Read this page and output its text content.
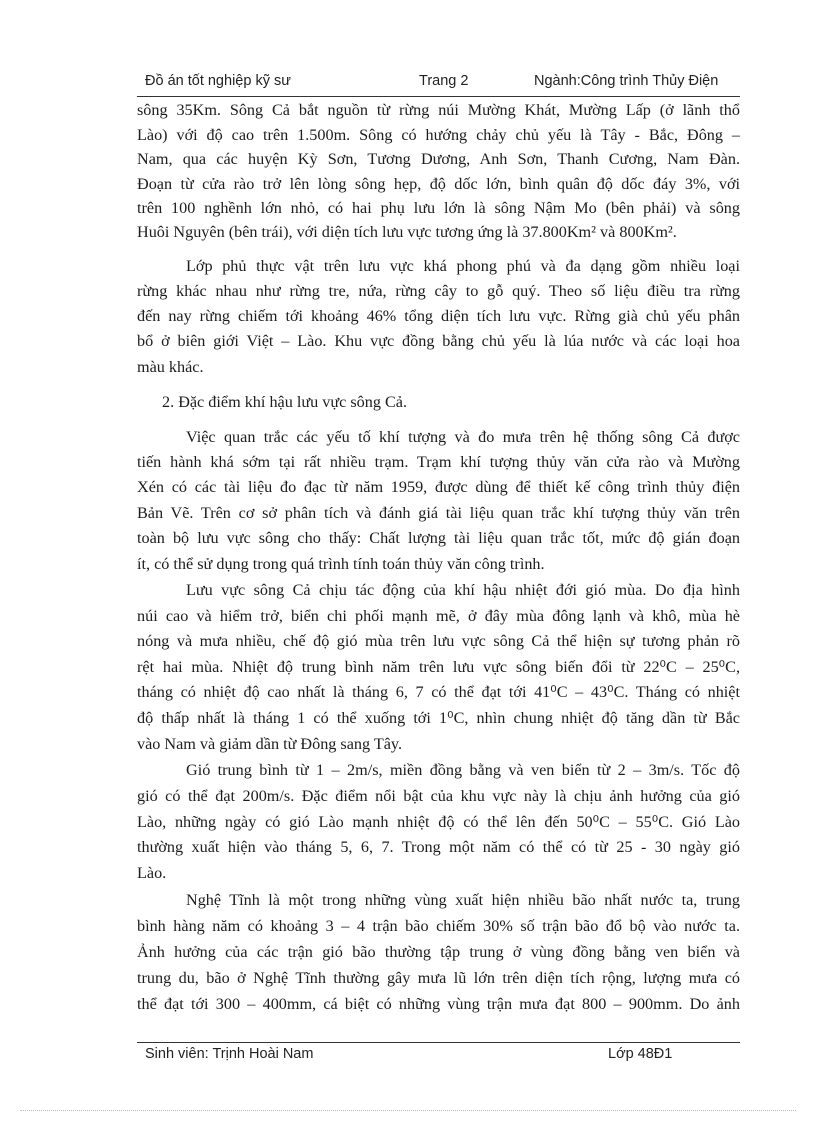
Đồ án tốt nghiệp kỹ sư	Trang 2	Ngành:Công trình Thủy Điện
sông 35Km. Sông Cả bắt nguồn từ rừng núi Mường Khát, Mường Lấp (ở lãnh thổ
Lào) với độ cao trên 1.500m. Sông có hướng chảy chủ yếu là Tây - Bắc, Đông –
Nam, qua các huyện Kỳ Sơn, Tương Dương, Anh Sơn, Thanh Cương, Nam Đàn.
Đoạn từ cửa rào trở lên lòng sông hẹp, độ dốc lớn, bình quân độ dốc đáy 3%, với
trên 100 nghềnh lớn nhỏ, có hai phụ lưu lớn là sông Nậm Mo (bên phải) và sông
Huôi Nguyên (bên trái), với diện tích lưu vực tương ứng là 37.800Km² và 800Km².
Lớp phủ thực vật trên lưu vực khá phong phú và đa dạng gồm nhiều loại
rừng khác nhau như rừng tre, nứa, rừng cây to gỗ quý. Theo số liệu điều tra rừng
đến nay rừng chiếm tới khoảng 46% tổng diện tích lưu vực. Rừng già chủ yếu phân
bổ ở biên giới Việt – Lào. Khu vực đồng bằng chủ yếu là lúa nước và các loại hoa
màu khác.
2. Đặc điểm khí hậu lưu vực sông Cả.
Việc quan trắc các yếu tố khí tượng và đo mưa trên hệ thống sông Cả được
tiến hành khá sớm tại rất nhiều trạm. Trạm khí tượng thủy văn cửa rào và Mường
Xén có các tài liệu đo đạc từ năm 1959, được dùng để thiết kế công trình thủy điện
Bản Vẽ. Trên cơ sở phân tích và đánh giá tài liệu quan trắc khí tượng thủy văn trên
toàn bộ lưu vực sông cho thấy: Chất lượng tài liệu quan trắc tốt, mức độ gián đoạn
ít, có thể sử dụng trong quá trình tính toán thủy văn công trình.
Lưu vực sông Cả chịu tác động của khí hậu nhiệt đới gió mùa. Do địa hình
núi cao và hiểm trở, biển chi phối mạnh mẽ, ở đây mùa đông lạnh và khô, mùa hè
nóng và mưa nhiều, chế độ gió mùa trên lưu vực sông Cả thể hiện sự tương phản rõ
rệt hai mùa. Nhiệt độ trung bình năm trên lưu vực sông biến đổi từ 22⁰C – 25⁰C,
tháng có nhiệt độ cao nhất là tháng 6, 7 có thể đạt tới 41⁰C – 43⁰C. Tháng có nhiệt
độ thấp nhất là tháng 1 có thể xuống tới 1⁰C, nhìn chung nhiệt độ tăng dần từ Bắc
vào Nam và giảm dần từ Đông sang Tây.
Gió trung bình từ 1 – 2m/s, miền đồng bằng và ven biển từ 2 – 3m/s. Tốc độ
gió có thể đạt 200m/s. Đặc điểm nổi bật của khu vực này là chịu ảnh hưởng của gió
Lào, những ngày có gió Lào mạnh nhiệt độ có thể lên đến 50⁰C – 55⁰C. Gió Lào
thường xuất hiện vào tháng 5, 6, 7. Trong một năm có thể có từ 25 - 30 ngày gió
Lào.
Nghệ Tĩnh là một trong những vùng xuất hiện nhiều bão nhất nước ta, trung
bình hàng năm có khoảng 3 – 4 trận bão chiếm 30% số trận bão đổ bộ vào nước ta.
Ảnh hưởng của các trận gió bão thường tập trung ở vùng đồng bằng ven biển và
trung du, bão ở Nghệ Tĩnh thường gây mưa lũ lớn trên diện tích rộng, lượng mưa có
thể đạt tới 300 – 400mm, cá biệt có những vùng trận mưa đạt 800 – 900mm. Do ảnh
Sinh viên: Trịnh Hoài Nam	Lớp 48Đ1
